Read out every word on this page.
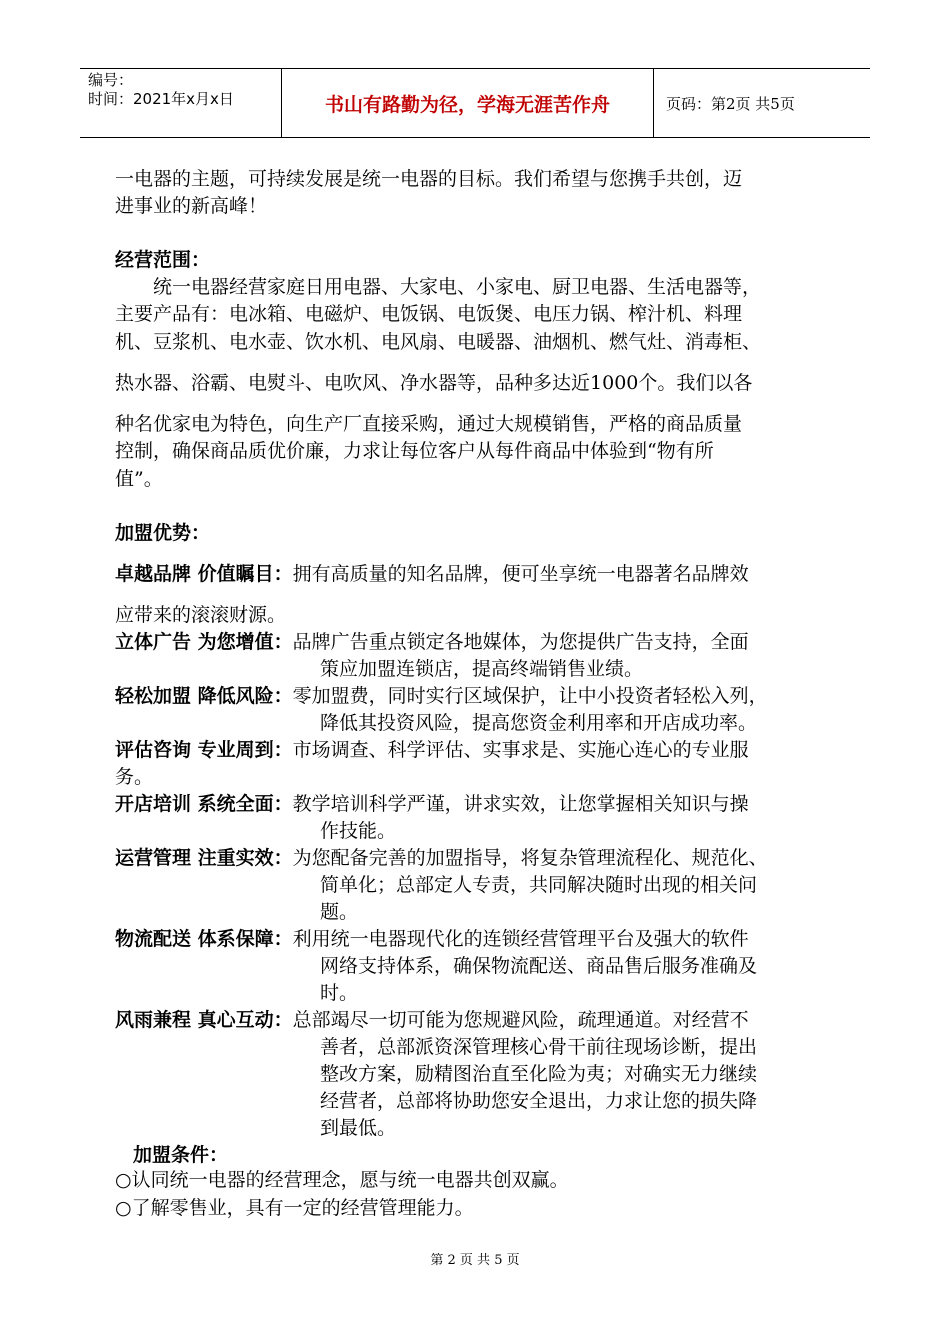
编号：
时间：2021年x月x日	书山有路勤为径，学海无涯苦作舟	页码：第2页 共5页
一电器的主题，可持续发展是统一电器的目标。我们希望与您携手共创，迈
进事业的新高峰！
经营范围：
统一电器经营家庭日用电器、大家电、小家电、厨卫电器、生活电器等，
主要产品有：电冰箱、电磁炉、电饭锅、电饭煲、电压力锅、榨汁机、料理
机、豆浆机、电水壶、饮水机、电风扇、电暖器、油烟机、燃气灶、消毒柜、
热水器、浴霸、电熨斗、电吹风、净水器等，品种多达近1000个。我们以各
种名优家电为特色，向生产厂直接采购，通过大规模销售，严格的商品质量
控制，确保商品质优价廉，力求让每位客户从每件商品中体验到“物有所
值”。
加盟优势：
卓越品牌 价值瞩目：拥有高质量的知名品牌，便可坐享统一电器著名品牌效
应带来的滚滚财源。
立体广告 为您增值：品牌广告重点锁定各地媒体，为您提供广告支持，全面
策应加盟连锁店，提高终端销售业绩。
轻松加盟 降低风险：零加盟费，同时实行区域保护，让中小投资者轻松入列，
降低其投资风险，提高您资金利用率和开店成功率。
评估咨询 专业周到：市场调查、科学评估、实事求是、实施心连心的专业服
务。
开店培训 系统全面：教学培训科学严谨，讲求实效，让您掌握相关知识与操
作技能。
运营管理 注重实效：为您配备完善的加盟指导，将复杂管理流程化、规范化、
简单化；总部定人专责，共同解决随时出现的相关问
题。
物流配送 体系保障：利用统一电器现代化的连锁经营管理平台及强大的软件
网络支持体系，确保物流配送、商品售后服务准确及
时。
风雨兼程 真心互动：总部竭尽一切可能为您规避风险，疏理通道。对经营不
善者，总部派资深管理核心骨干前往现场诊断，提出
整改方案，励精图治直至化险为夷；对确实无力继续
经营者，总部将协助您安全退出，力求让您的损失降
到最低。
加盟条件：
○认同统一电器的经营理念，愿与统一电器共创双赢。
○了解零售业，具有一定的经营管理能力。
第 2 页 共 5 页
